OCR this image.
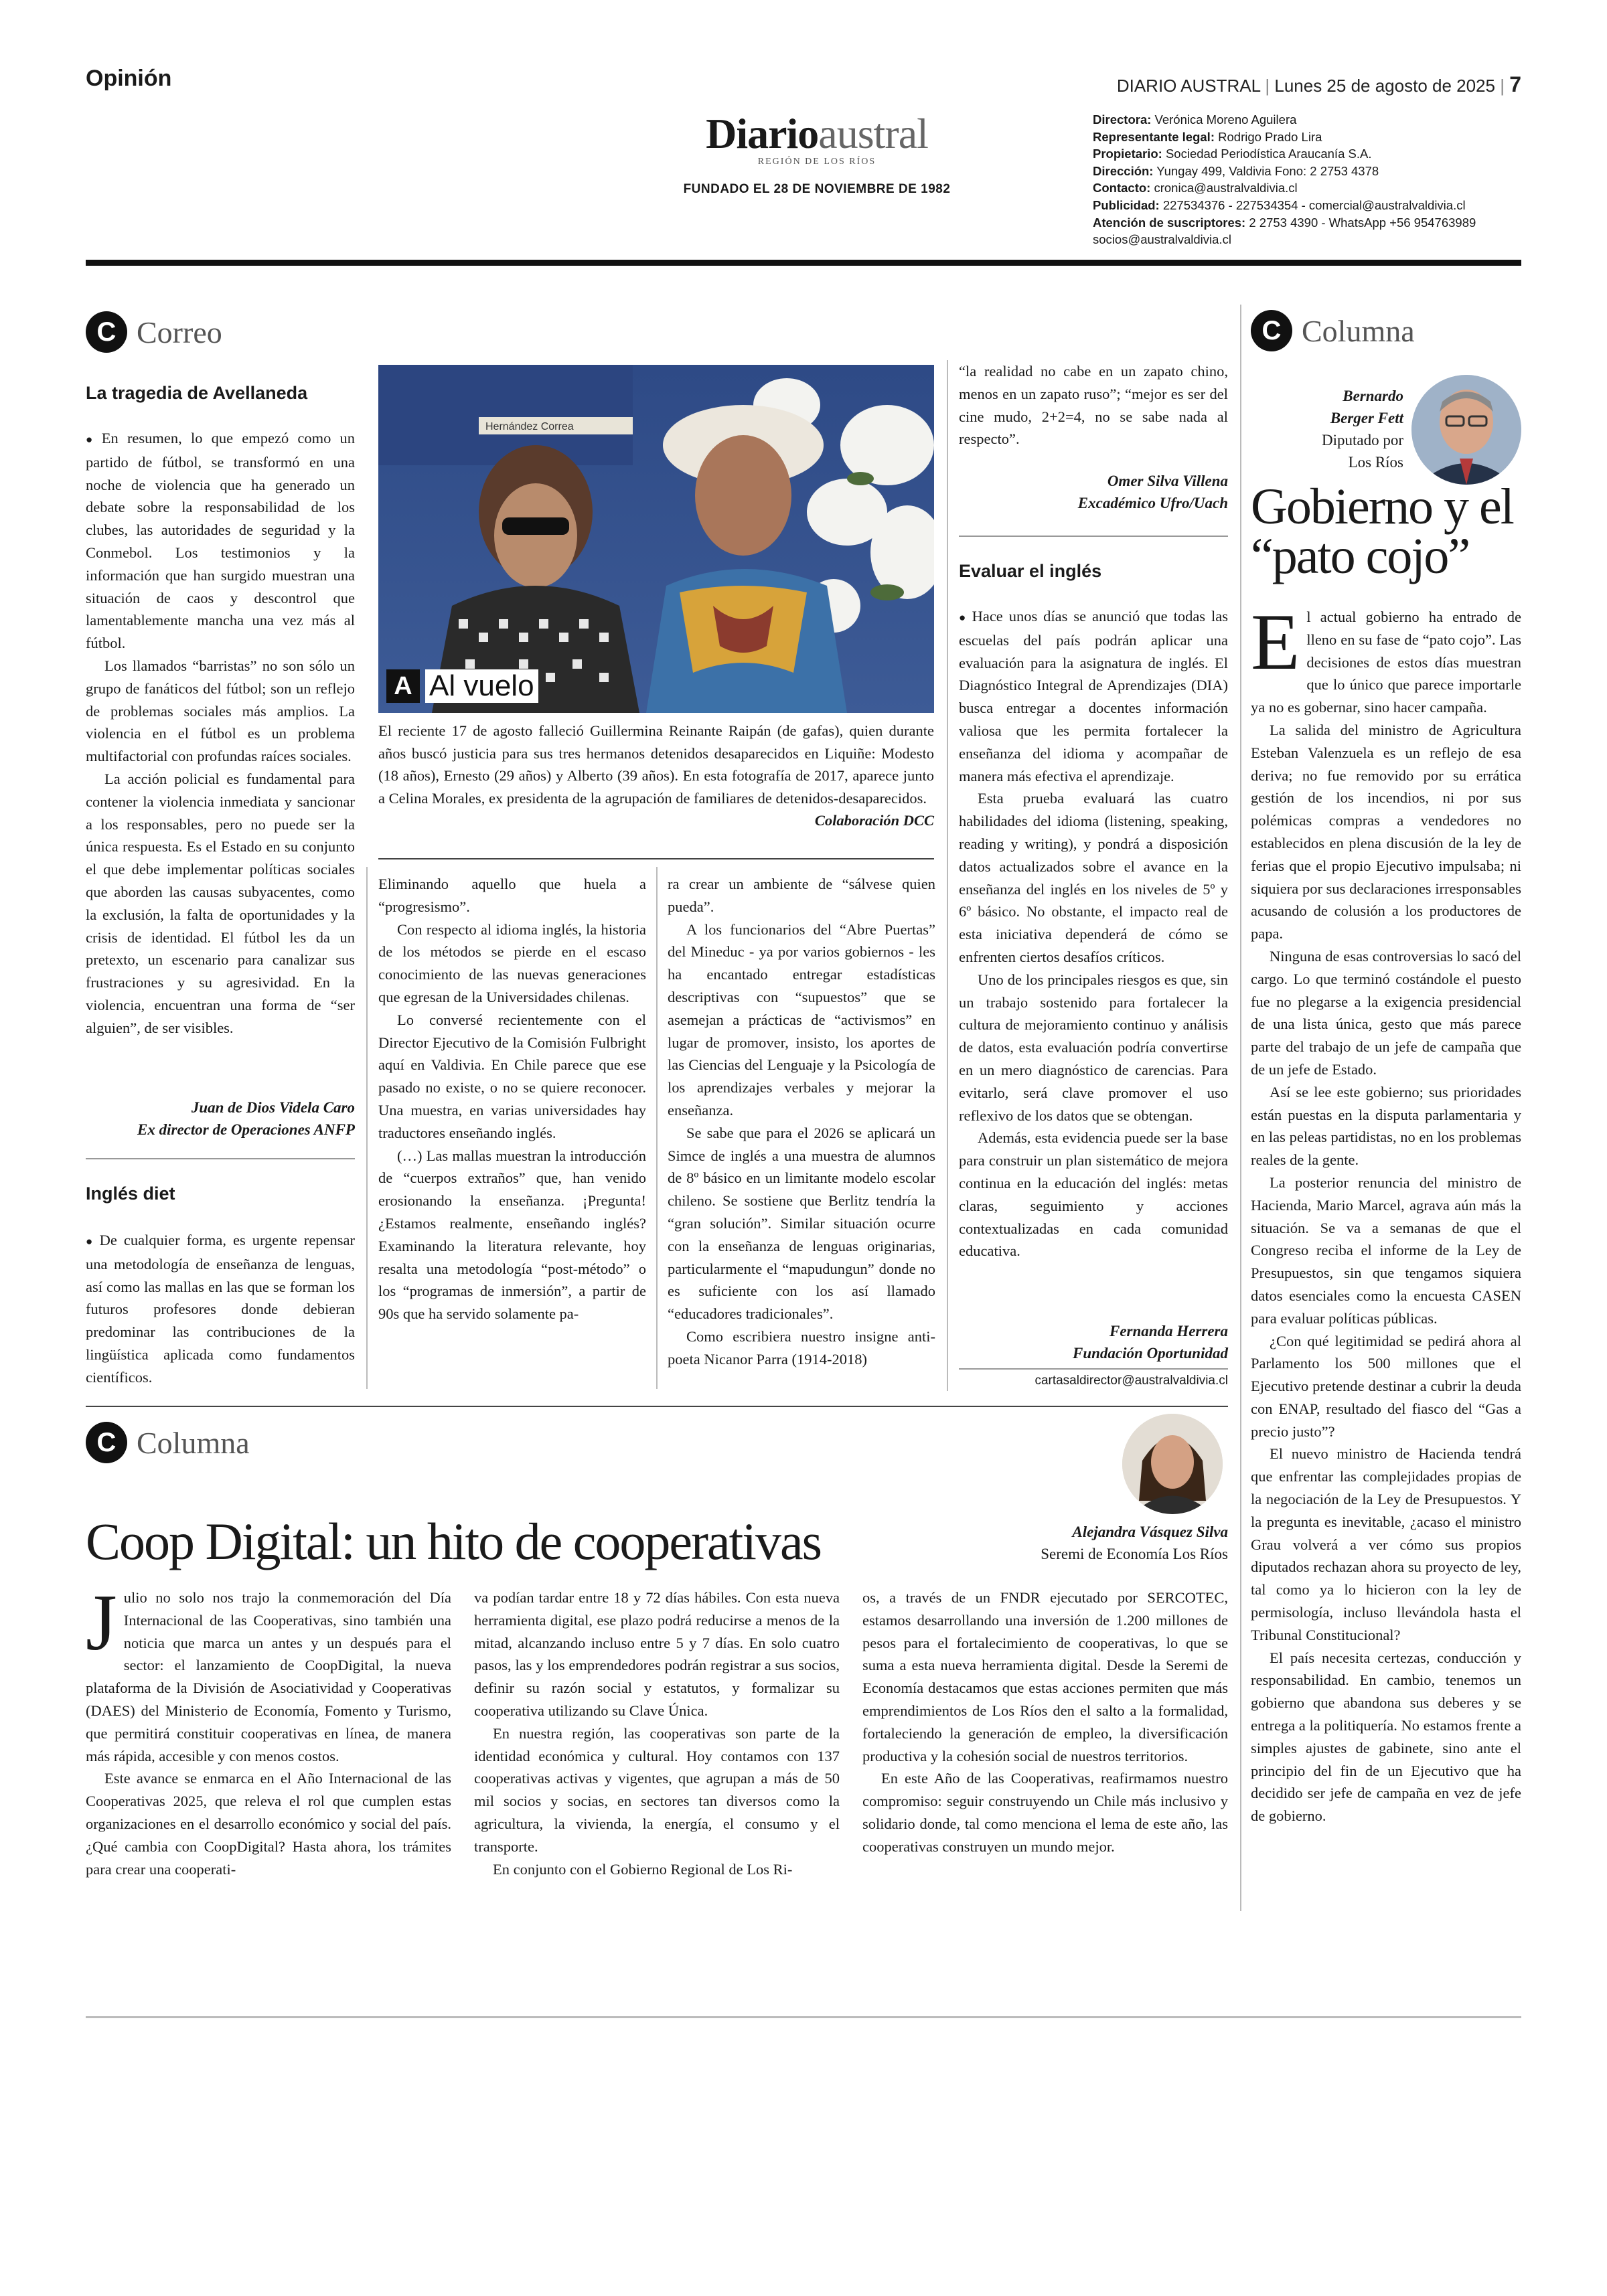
Opinión	DIARIO AUSTRAL | Lunes 25 de agosto de 2025 | 7
Diarioaustral
REGIÓN DE LOS RÍOS
FUNDADO EL 28 DE NOVIEMBRE DE 1982
Directora: Verónica Moreno Aguilera
Representante legal: Rodrigo Prado Lira
Propietario: Sociedad Periodística Araucanía S.A.
Dirección: Yungay 499, Valdivia Fono: 2 2753 4378
Contacto: cronica@australvaldivia.cl
Publicidad: 227534376 - 227534354 - comercial@australvaldivia.cl
Atención de suscriptores: 2 2753 4390 - WhatsApp +56 954763989
socios@australvaldivia.cl
C Correo
La tragedia de Avellaneda

● En resumen, lo que empezó como un partido de fútbol, se transformó en una noche de violencia que ha generado un debate sobre la responsabilidad de los clubes, las autoridades de seguridad y la Conmebol. Los testimonios y la información que han surgido muestran una situación de caos y descontrol que lamentablemente mancha una vez más al fútbol.

Los llamados “barristas” no son sólo un grupo de fanáticos del fútbol; son un reflejo de problemas sociales más amplios. La violencia en el fútbol es un problema multifactorial con profundas raíces sociales.

La acción policial es fundamental para contener la violencia inmediata y sancionar a los responsables, pero no puede ser la única respuesta. Es el Estado en su conjunto el que debe implementar políticas sociales que aborden las causas subyacentes, como la exclusión, la falta de oportunidades y la crisis de identidad. El fútbol les da un pretexto, un escenario para canalizar sus frustraciones y su agresividad. En la violencia, encuentran una forma de “ser alguien”, de ser visibles.

Juan de Dios Videla Caro
Ex director de Operaciones ANFP
Inglés diet

● De cualquier forma, es urgente repensar una metodología de enseñanza de lenguas, así como las mallas en las que se forman los futuros profesores donde debieran predominar las contribuciones de la lingüística aplicada como fundamentos científicos.

Eliminando aquello que huela a “progresismo”.

Con respecto al idioma inglés, la historia de los métodos se pierde en el escaso conocimiento de las nuevas generaciones que egresan de la Universidades chilenas.

Lo conversé recientemente con el Director Ejecutivo de la Comisión Fulbright aquí en Valdivia. En Chile parece que ese pasado no existe, o no se quiere reconocer. Una muestra, en varias universidades hay traductores enseñando inglés.

(…) Las mallas muestran la introducción de “cuerpos extraños” que, han venido erosionando la enseñanza. ¡Pregunta! ¿Estamos realmente, enseñando inglés? Examinando la literatura relevante, hoy resalta una metodología “post-método” o los “programas de inmersión”, a partir de 90s que ha servido solamente pa-

ra crear un ambiente de “sálvese quien pueda”.

A los funcionarios del “Abre Puertas” del Mineduc - ya por varios gobiernos - les ha encantado entregar estadísticas descriptivas con “supuestos” que se asemejan a prácticas de “activismos” en lugar de promover, insisto, los aportes de las Ciencias del Lenguaje y la Psicología de los aprendizajes verbales y mejorar la enseñanza.

Se sabe que para el 2026 se aplicará un Simce de inglés a una muestra de alumnos de 8º básico en un limitante modelo escolar chileno. Se sostiene que Berlitz tendría la “gran solución”. Similar situación ocurre con la enseñanza de lenguas originarias, particularmente el “mapudungun” donde no es suficiente con los así llamado “educadores tradicionales”.

Como escribiera nuestro insigne anti-poeta Nicanor Parra (1914-2018)

“la realidad no cabe en un zapato chino, menos en un zapato ruso”; “mejor es ser del cine mudo, 2+2=4, no se sabe nada al respecto”.

Omer Silva Villena
Excadémico Ufro/Uach
Evaluar el inglés

● Hace unos días se anunció que todas las escuelas del país podrán aplicar una evaluación para la asignatura de inglés. El Diagnóstico Integral de Aprendizajes (DIA) busca entregar a docentes información valiosa que les permita fortalecer la enseñanza del idioma y acompañar de manera más efectiva el aprendizaje.

Esta prueba evaluará las cuatro habilidades del idioma (listening, speaking, reading y writing), y pondrá a disposición datos actualizados sobre el avance en la enseñanza del inglés en los niveles de 5º y 6º básico. No obstante, el impacto real de esta iniciativa dependerá de cómo se enfrenten ciertos desafíos críticos.

Uno de los principales riesgos es que, sin un trabajo sostenido para fortalecer la cultura de mejoramiento continuo y análisis de datos, esta evaluación podría convertirse en un mero diagnóstico de carencias. Para evitarlo, será clave promover el uso reflexivo de los datos que se obtengan.

Además, esta evidencia puede ser la base para construir un plan sistemático de mejora continua en la educación del inglés: metas claras, seguimiento y acciones contextualizadas en cada comunidad educativa.

Fernanda Herrera
Fundación Oportunidad
cartasaldirector@australvaldivia.cl
Hernández Correa
A Al vuelo
El reciente 17 de agosto falleció Guillermina Reinante Raipán (de gafas), quien durante años buscó justicia para sus tres hermanos detenidos desaparecidos en Liquiñe: Modesto (18 años), Ernesto (29 años) y Alberto (39 años). En esta fotografía de 2017, aparece junto a Celina Morales, ex presidenta de la agrupación de familiares de detenidos-desaparecidos.
Colaboración DCC
C Columna
Bernardo
Berger Fett
Diputado por
Los Ríos
Gobierno y el
“pato cojo”

El actual gobierno ha entrado de lleno en su fase de “pato cojo”. Las decisiones de estos días muestran que lo único que parece importarle ya no es gobernar, sino hacer campaña.

La salida del ministro de Agricultura Esteban Valenzuela es un reflejo de esa deriva; no fue removido por su errática gestión de los incendios, ni por sus polémicas compras a vendedores no establecidos en plena discusión de la ley de ferias que el propio Ejecutivo impulsaba; ni siquiera por sus declaraciones irresponsables acusando de colusión a los productores de papa.

Ninguna de esas controversias lo sacó del cargo. Lo que terminó costándole el puesto fue no plegarse a la exigencia presidencial de una lista única, gesto que más parece parte del trabajo de un jefe de campaña que de un jefe de Estado.

Así se lee este gobierno; sus prioridades están puestas en la disputa parlamentaria y en las peleas partidistas, no en los problemas reales de la gente.

La posterior renuncia del ministro de Hacienda, Mario Marcel, agrava aún más la situación. Se va a semanas de que el Congreso reciba el informe de la Ley de Presupuestos, sin que tengamos siquiera datos esenciales como la encuesta CASEN para evaluar políticas públicas.

¿Con qué legitimidad se pedirá ahora al Parlamento los 500 millones que el Ejecutivo pretende destinar a cubrir la deuda con ENAP, resultado del fiasco del “Gas a precio justo”?

El nuevo ministro de Hacienda tendrá que enfrentar las complejidades propias de la negociación de la Ley de Presupuestos. Y la pregunta es inevitable, ¿acaso el ministro Grau volverá a ver cómo sus propios diputados rechazan ahora su proyecto de ley, tal como ya lo hicieron con la ley de permisología, incluso llevándola hasta el Tribunal Constitucional?

El país necesita certezas, conducción y responsabilidad. En cambio, tenemos un gobierno que abandona sus deberes y se entrega a la politiquería. No estamos frente a simples ajustes de gabinete, sino ante el principio del fin de un Ejecutivo que ha decidido ser jefe de campaña en vez de jefe de gobierno.

C Columna
Alejandra Vásquez Silva
Seremi de Economía Los Ríos
Coop Digital: un hito de cooperativas

Julio no solo nos trajo la conmemoración del Día Internacional de las Cooperativas, sino también una noticia que marca un antes y un después para el sector: el lanzamiento de CoopDigital, la nueva plataforma de la División de Asociatividad y Cooperativas (DAES) del Ministerio de Economía, Fomento y Turismo, que permitirá constituir cooperativas en línea, de manera más rápida, accesible y con menos costos.

Este avance se enmarca en el Año Internacional de las Cooperativas 2025, que releva el rol que cumplen estas organizaciones en el desarrollo económico y social del país. ¿Qué cambia con CoopDigital? Hasta ahora, los trámites para crear una cooperati-

va podían tardar entre 18 y 72 días hábiles. Con esta nueva herramienta digital, ese plazo podrá reducirse a menos de la mitad, alcanzando incluso entre 5 y 7 días. En solo cuatro pasos, las y los emprendedores podrán registrar a sus socios, definir su razón social y estatutos, y formalizar su cooperativa utilizando su Clave Única.

En nuestra región, las cooperativas son parte de la identidad económica y cultural. Hoy contamos con 137 cooperativas activas y vigentes, que agrupan a más de 50 mil socios y socias, en sectores tan diversos como la agricultura, la vivienda, la energía, el consumo y el transporte.

En conjunto con el Gobierno Regional de Los Ri-

os, a través de un FNDR ejecutado por SERCOTEC, estamos desarrollando una inversión de 1.200 millones de pesos para el fortalecimiento de cooperativas, lo que se suma a esta nueva herramienta digital. Desde la Seremi de Economía destacamos que estas acciones permiten que más emprendimientos de Los Ríos den el salto a la formalidad, fortaleciendo la generación de empleo, la diversificación productiva y la cohesión social de nuestros territorios.

En este Año de las Cooperativas, reafirmamos nuestro compromiso: seguir construyendo un Chile más inclusivo y solidario donde, tal como menciona el lema de este año, las cooperativas construyen un mundo mejor.
